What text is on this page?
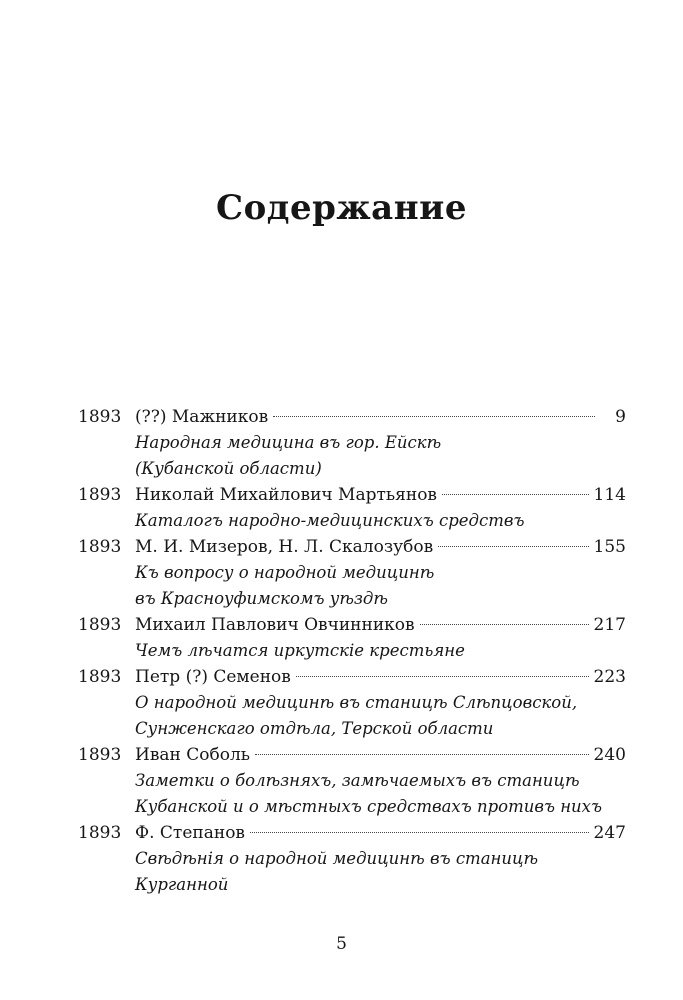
Содержание
1893 (??) Мажников	9
Народная медицина въ гор. Ейскѣ
(Кубанской области)
1893 Николай Михайлович Мартьянов	114
Каталогъ народно-медицинскихъ средствъ
1893 М. И. Мизеров, Н. Л. Скалозубов	155
Къ вопросу о народной медицинѣ
въ Красноуфимскомъ уѣздѣ
1893 Михаил Павлович Овчинников	217
Чемъ лѣчатся иркутскіе крестьяне
1893 Петр (?) Семенов	223
О народной медицинѣ въ станицѣ Слѣпцовской,
Сунженскаго отдѣла, Терской области
1893 Иван Соболь	240
Заметки о болѣзняхъ, замѣчаемыхъ въ станицѣ
Кубанской и о мѣстныхъ средствахъ противъ нихъ
1893 Ф. Степанов	247
Свѣдѣнія о народной медицинѣ въ станицѣ
Курганной
5
